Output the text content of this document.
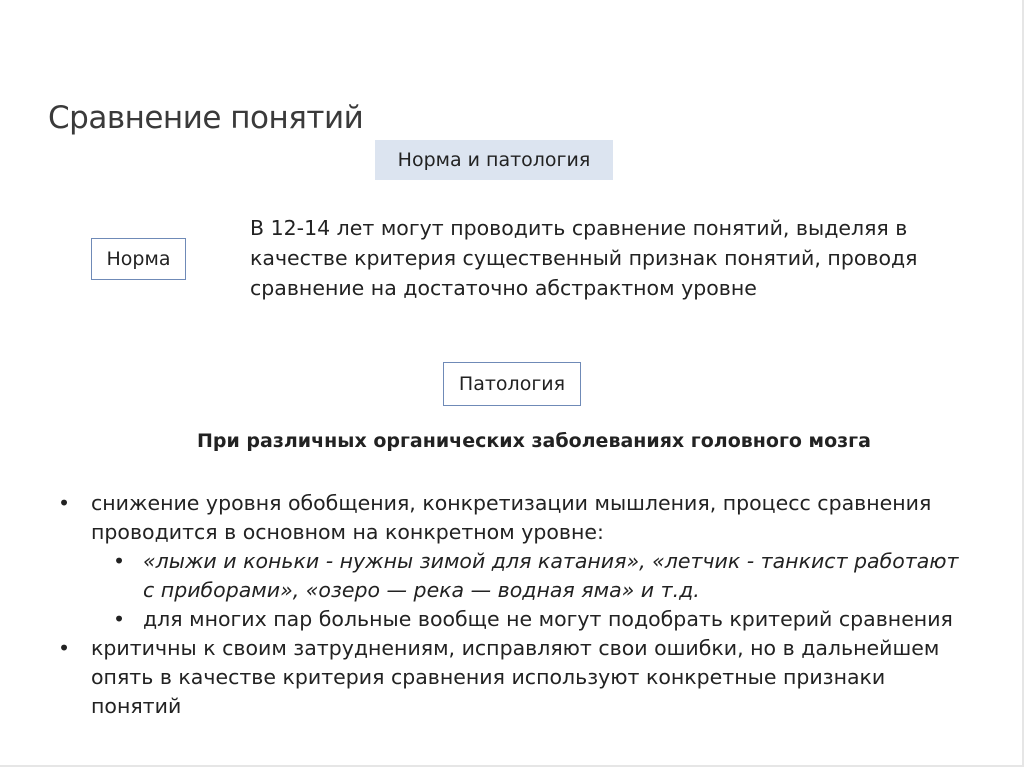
Сравнение понятий
Норма и патология
Норма
В 12-14 лет могут проводить сравнение понятий, выделяя в качестве критерия существенный признак понятий, проводя сравнение на достаточно абстрактном уровне
Патология
При различных органических заболеваниях головного мозга
• снижение уровня обобщения, конкретизации мышления, процесс сравнения проводится в основном на конкретном уровне:
• «лыжи и коньки - нужны зимой для катания», «летчик - танкист работают с приборами», «озеро — река — водная яма» и т.д.
• для многих пар больные вообще не могут подобрать критерий сравнения
• критичны к своим затруднениям, исправляют свои ошибки, но в дальнейшем опять в качестве критерия сравнения используют конкретные признаки понятий
